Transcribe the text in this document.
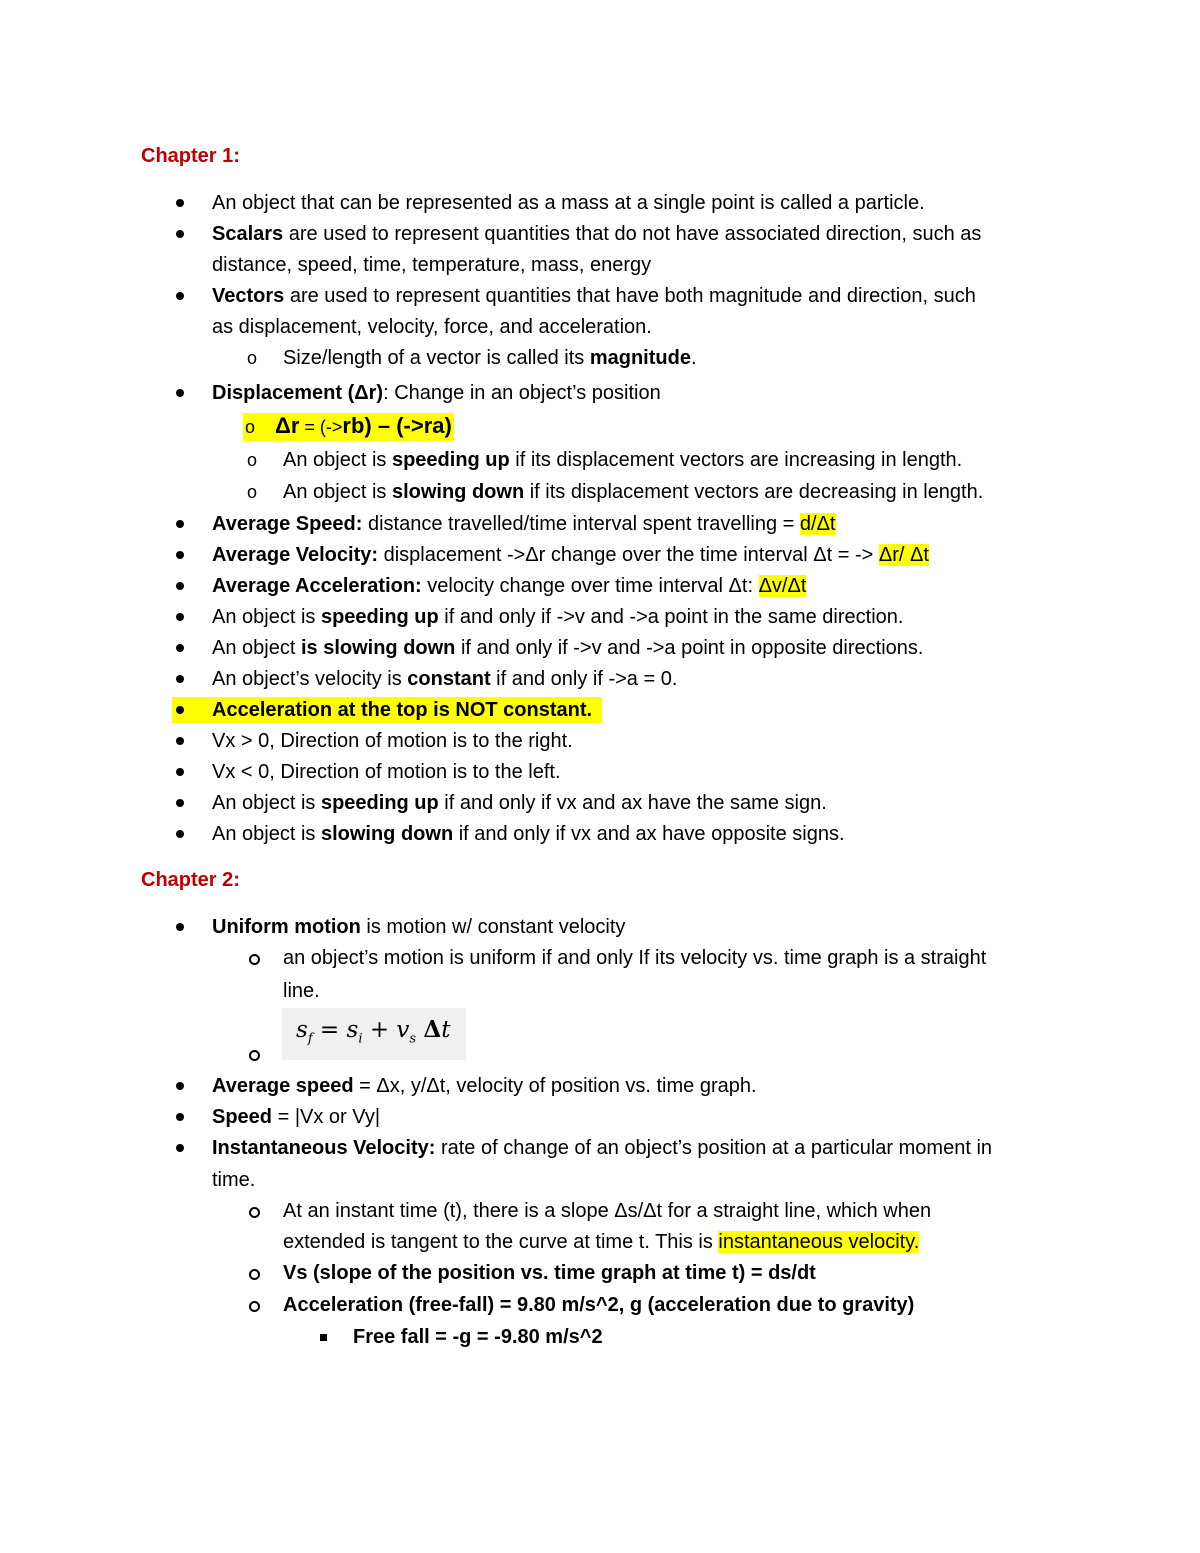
Chapter 1:
An object that can be represented as a mass at a single point is called a particle.
Scalars are used to represent quantities that do not have associated direction, such as
distance, speed, time, temperature, mass, energy
Vectors are used to represent quantities that have both magnitude and direction, such
as displacement, velocity, force, and acceleration.
o Size/length of a vector is called its magnitude.
Displacement (Δr): Change in an object’s position
o    Δr = (->rb) – (->ra)
o An object is speeding up if its displacement vectors are increasing in length.
o An object is slowing down if its displacement vectors are decreasing in length.
Average Speed: distance travelled/time interval spent travelling = d/Δt
Average Velocity: displacement ->Δr change over the time interval Δt = -> Δr/ Δt
Average Acceleration: velocity change over time interval Δt: Δv/Δt
An object is speeding up if and only if ->v and ->a point in the same direction.
An object is slowing down if and only if ->v and ->a point in opposite directions.
An object’s velocity is constant if and only if ->a = 0.
Acceleration at the top is NOT constant.
Vx > 0, Direction of motion is to the right.
Vx < 0, Direction of motion is to the left.
An object is speeding up if and only if vx and ax have the same sign.
An object is slowing down if and only if vx and ax have opposite signs.
Chapter 2:
Uniform motion is motion w/ constant velocity
an object’s motion is uniform if and only If its velocity vs. time graph is a straight
line.
$s_f = s_i + v_s$ Δt
Average speed = Δx, y/Δt, velocity of position vs. time graph.
Speed = |Vx or Vy|
Instantaneous Velocity: rate of change of an object’s position at a particular moment in
time.
At an instant time (t), there is a slope Δs/Δt for a straight line, which when
extended is tangent to the curve at time t. This is instantaneous velocity.
Vs (slope of the position vs. time graph at time t) = ds/dt
Acceleration (free-fall) = 9.80 m/s^2, g (acceleration due to gravity)
Free fall = -g = -9.80 m/s^2
